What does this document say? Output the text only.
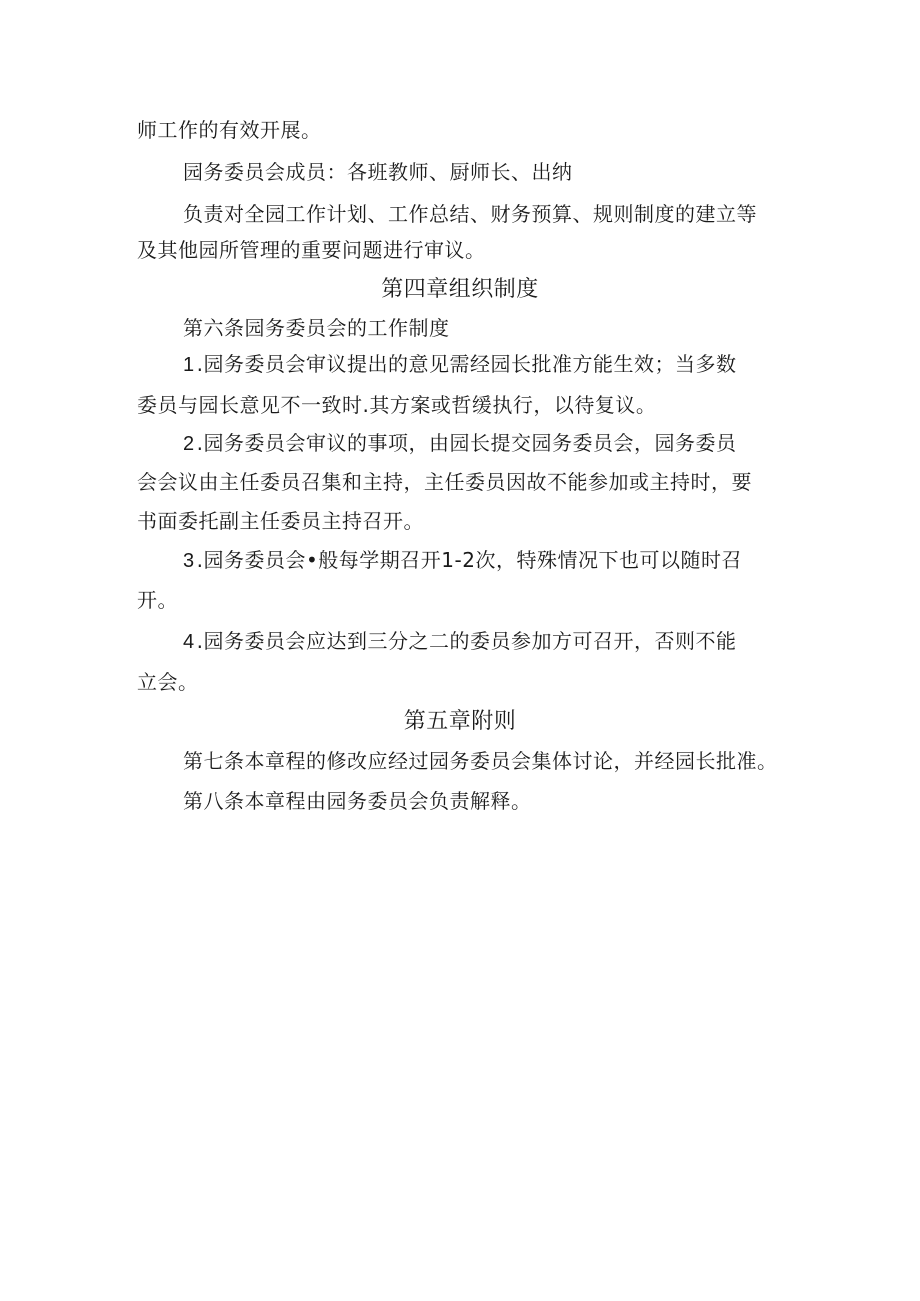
师工作的有效开展。
园务委员会成员：各班教师、厨师长、出纳
负责对全园工作计划、工作总结、财务预算、规则制度的建立等
及其他园所管理的重要问题进行审议。
第四章组织制度
第六条园务委员会的工作制度
1 .园务委员会审议提出的意见需经园长批准方能生效；当多数
委员与园长意见不一致时.其方案或哲缓执行，以待复议。
2 .园务委员会审议的事项，由园长提交园务委员会，园务委员
会会议由主任委员召集和主持，主任委员因故不能参加或主持时，要
书面委托副主任委员主持召开。
3 .园务委员会•般每学期召开1-2次，特殊情况下也可以随时召
开。
4 .园务委员会应达到三分之二的委员参加方可召开，否则不能
立会。
第五章附则
第七条本章程的修改应经过园务委员会集体讨论，并经园长批准。
第八条本章程由园务委员会负责解释。
